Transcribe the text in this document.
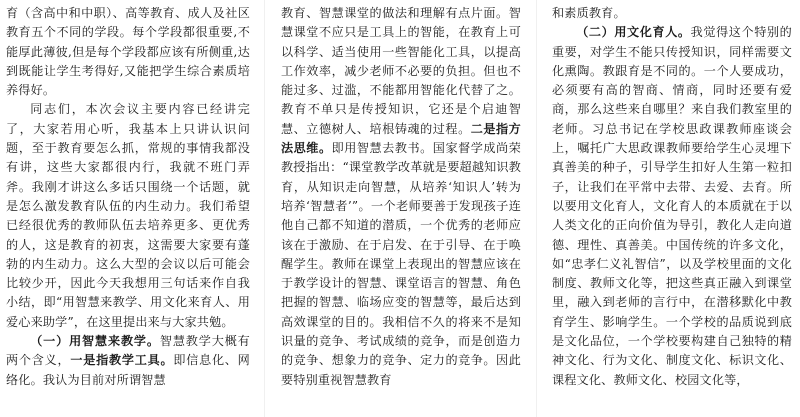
育（含高中和中职）、高等教育、成人及社区教育五个不同的学段。每个学段都很重要,不能厚此薄彼,但是每个学段都应该有所侧重,达到既能让学生考得好,又能把学生综合素质培养得好。

同志们，本次会议主要内容已经讲完了，大家若用心听，我基本上只讲认识问题，至于教育要怎么抓，常规的事情我都没有讲，这些大家都很内行，我就不班门弄斧。我刚才讲这么多话只围绕一个话题，就是怎么激发教育队伍的内生动力。我们希望已经很优秀的教师队伍去培养更多、更优秀的人，这是教育的初衷，这需要大家要有蓬勃的内生动力。这么大型的会议以后可能会比较少开，因此今天我想用三句话来作自我小结，即“用智慧来教学、用文化来育人、用爱心来助学”，在这里提出来与大家共勉。

（一）用智慧来教学。智慧教学大概有两个含义，一是指教学工具。即信息化、网络化。我认为目前对所谓智慧

教育、智慧课堂的做法和理解有点片面。智慧课堂不应只是工具上的智能，在教育上可以科学、适当使用一些智能化工具，以提高工作效率，减少老师不必要的负担。但也不能过多、过滥，不能都用智能化代替了之。教育不单只是传授知识，它还是个启迪智慧、立德树人、培根铸魂的过程。二是指方法思维。即用智慧去教书。国家督学成尚荣教授指出：“课堂教学改革就是要超越知识教育，从知识走向智慧，从培养‘知识人’转为培养‘智慧者’”。一个老师要善于发现孩子连他自己都不知道的潜质，一个优秀的老师应该在于激励、在于启发、在于引导、在于唤醒学生。教师在课堂上表现出的智慧应该在于教学设计的智慧、课堂语言的智慧、角色把握的智慧、临场应变的智慧等，最后达到高效课堂的目的。我相信不久的将来不是知识量的竞争、考试成绩的竞争，而是创造力的竞争、想象力的竞争、定力的竞争。因此要特别重视智慧教育

和素质教育。

（二）用文化育人。我觉得这个特别的重要，对学生不能只传授知识，同样需要文化熏陶。教跟育是不同的。一个人要成功，必须要有高的智商、情商，同时还要有爱商，那么这些来自哪里？来自我们教室里的老师。习总书记在学校思政课教师座谈会上，嘱托广大思政课教师要给学生心灵埋下真善美的种子，引导学生扣好人生第一粒扣子，让我们在平常中去带、去爱、去育。所以要用文化育人，文化育人的本质就在于以人类文化的正向价值为导引，教化人走向道德、理性、真善美。中国传统的许多文化，如“忠孝仁义礼智信”，以及学校里面的文化制度、教师文化等，把这些真正融入到课堂里，融入到老师的言行中，在潜移默化中教育学生、影响学生。一个学校的品质说到底是文化品位，一个学校要构建自己独特的精神文化、行为文化、制度文化、标识文化、课程文化、教师文化、校园文化等，
